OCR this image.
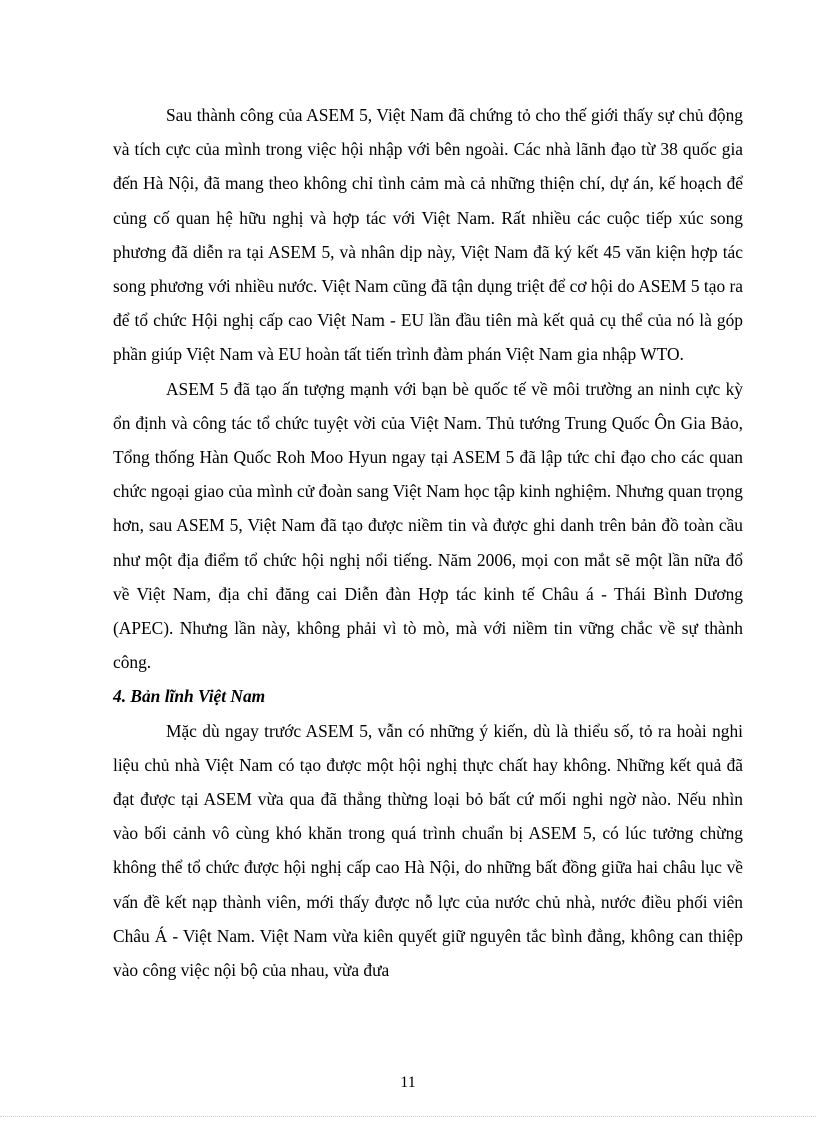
Sau thành công của ASEM 5, Việt Nam đã chứng tỏ cho thế giới thấy sự chủ động và tích cực của mình trong việc hội nhập với bên ngoài. Các nhà lãnh đạo từ 38 quốc gia đến Hà Nội, đã mang theo không chỉ tình cảm mà cả những thiện chí, dự án, kế hoạch để củng cố quan hệ hữu nghị và hợp tác với Việt Nam. Rất nhiều các cuộc tiếp xúc song phương đã diễn ra tại ASEM 5, và nhân dịp này, Việt Nam đã ký kết 45 văn kiện hợp tác song phương với nhiều nước. Việt Nam cũng đã tận dụng triệt để cơ hội do ASEM 5 tạo ra để tổ chức Hội nghị cấp cao Việt Nam - EU lần đầu tiên mà kết quả cụ thể của nó là góp phần giúp Việt Nam và EU hoàn tất tiến trình đàm phán Việt Nam gia nhập WTO.

ASEM 5 đã tạo ấn tượng mạnh với bạn bè quốc tế về môi trường an ninh cực kỳ ổn định và công tác tổ chức tuyệt vời của Việt Nam. Thủ tướng Trung Quốc Ôn Gia Bảo, Tổng thống Hàn Quốc Roh Moo Hyun ngay tại ASEM 5 đã lập tức chỉ đạo cho các quan chức ngoại giao của mình cử đoàn sang Việt Nam học tập kinh nghiệm. Nhưng quan trọng hơn, sau ASEM 5, Việt Nam đã tạo được niềm tin và được ghi danh trên bản đồ toàn cầu như một địa điểm tổ chức hội nghị nổi tiếng. Năm 2006, mọi con mắt sẽ một lần nữa đổ về Việt Nam, địa chỉ đăng cai Diễn đàn Hợp tác kinh tế Châu á - Thái Bình Dương (APEC). Nhưng lần này, không phải vì tò mò, mà với niềm tin vững chắc về sự thành công.

4. Bản lĩnh Việt Nam

Mặc dù ngay trước ASEM 5, vẫn có những ý kiến, dù là thiểu số, tỏ ra hoài nghi liệu chủ nhà Việt Nam có tạo được một hội nghị thực chất hay không. Những kết quả đã đạt được tại ASEM vừa qua đã thẳng thừng loại bỏ bất cứ mối nghi ngờ nào. Nếu nhìn vào bối cảnh vô cùng khó khăn trong quá trình chuẩn bị ASEM 5, có lúc tưởng chừng không thể tổ chức được hội nghị cấp cao Hà Nội, do những bất đồng giữa hai châu lục về vấn đề kết nạp thành viên, mới thấy được nỗ lực của nước chủ nhà, nước điều phối viên Châu Á - Việt Nam. Việt Nam vừa kiên quyết giữ nguyên tắc bình đẳng, không can thiệp vào công việc nội bộ của nhau, vừa đưa

11
